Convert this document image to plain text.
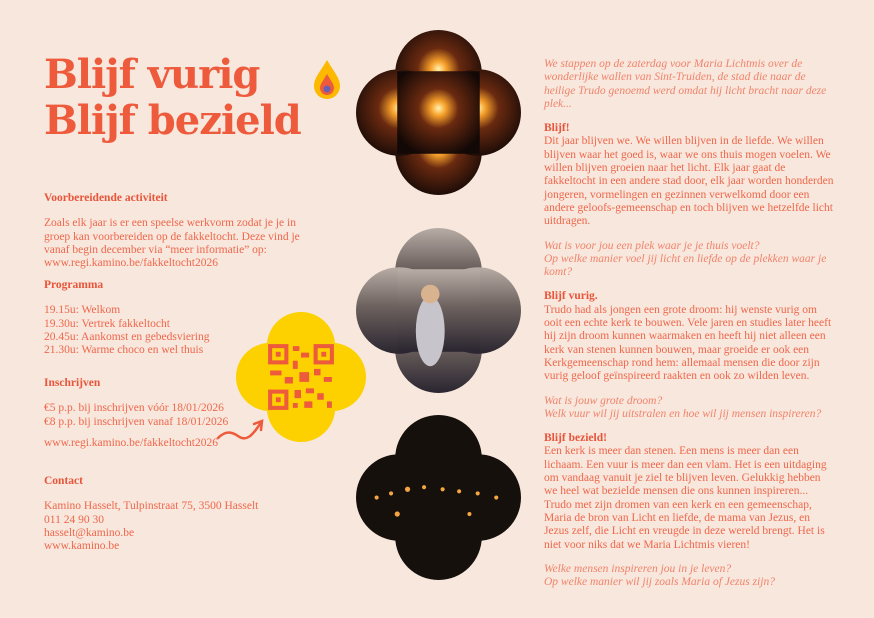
Blijf vurig
Blijf bezield
Voorbereidende activiteit
Zoals elk jaar is er een speelse werkvorm zodat je je in groep kan voorbereiden op de fakkeltocht. Deze vind je vanaf begin december via “meer informatie” op:
www.regi.kamino.be/fakkeltocht2026
Programma
19.15u: Welkom
19.30u: Vertrek fakkeltocht
20.45u: Aankomst en gebedsviering
21.30u: Warme choco en wel thuis
Inschrijven
€5 p.p. bij inschrijven vóór 18/01/2026
€8 p.p. bij inschrijven vanaf 18/01/2026
www.regi.kamino.be/fakkeltocht2026
Contact
Kamino Hasselt, Tulpinstraat 75, 3500 Hasselt
011 24 90 30
hasselt@kamino.be
www.kamino.be

We stappen op de zaterdag voor Maria Lichtmis over de wonderlijke wallen van Sint-Truiden, de stad die naar de heilige Trudo genoemd werd omdat hij licht bracht naar deze plek...

Blijf!

Dit jaar blijven we. We willen blijven in de liefde. We willen blijven waar het goed is, waar we ons thuis mogen voelen. We willen blijven groeien naar het licht. Elk jaar gaat de fakkeltocht in een andere stad door, elk jaar worden honderden jongeren, vormelingen en gezinnen verwelkomd door een andere geloofs-gemeenschap en toch blijven we hetzelfde licht uitdragen.

Wat is voor jou een plek waar je je thuis voelt?
Op welke manier voel jij licht en liefde op de plekken waar je komt?

Blijf vurig.

Trudo had als jongen een grote droom: hij wenste vurig om ooit een echte kerk te bouwen. Vele jaren en studies later heeft hij zijn droom kunnen waarmaken en heeft hij niet alleen een kerk van stenen kunnen bouwen, maar groeide er ook een Kerkgemeenschap rond hem: allemaal mensen die door zijn vurig geloof geïnspireerd raakten en ook zo wilden leven.

Wat is jouw grote droom?
Welk vuur wil jij uitstralen en hoe wil jij mensen inspireren?

Blijf bezield!

Een kerk is meer dan stenen. Een mens is meer dan een lichaam. Een vuur is meer dan een vlam. Het is een uitdaging om vandaag vanuit je ziel te blijven leven. Gelukkig hebben we heel wat bezielde mensen die ons kunnen inspireren... Trudo met zijn dromen van een kerk en een gemeenschap, Maria de bron van Licht en liefde, de mama van Jezus, en Jezus zelf, die Licht en vreugde in deze wereld brengt. Het is niet voor niks dat we Maria Lichtmis vieren!

Welke mensen inspireren jou in je leven?
Op welke manier wil jij zoals Maria of Jezus zijn?
